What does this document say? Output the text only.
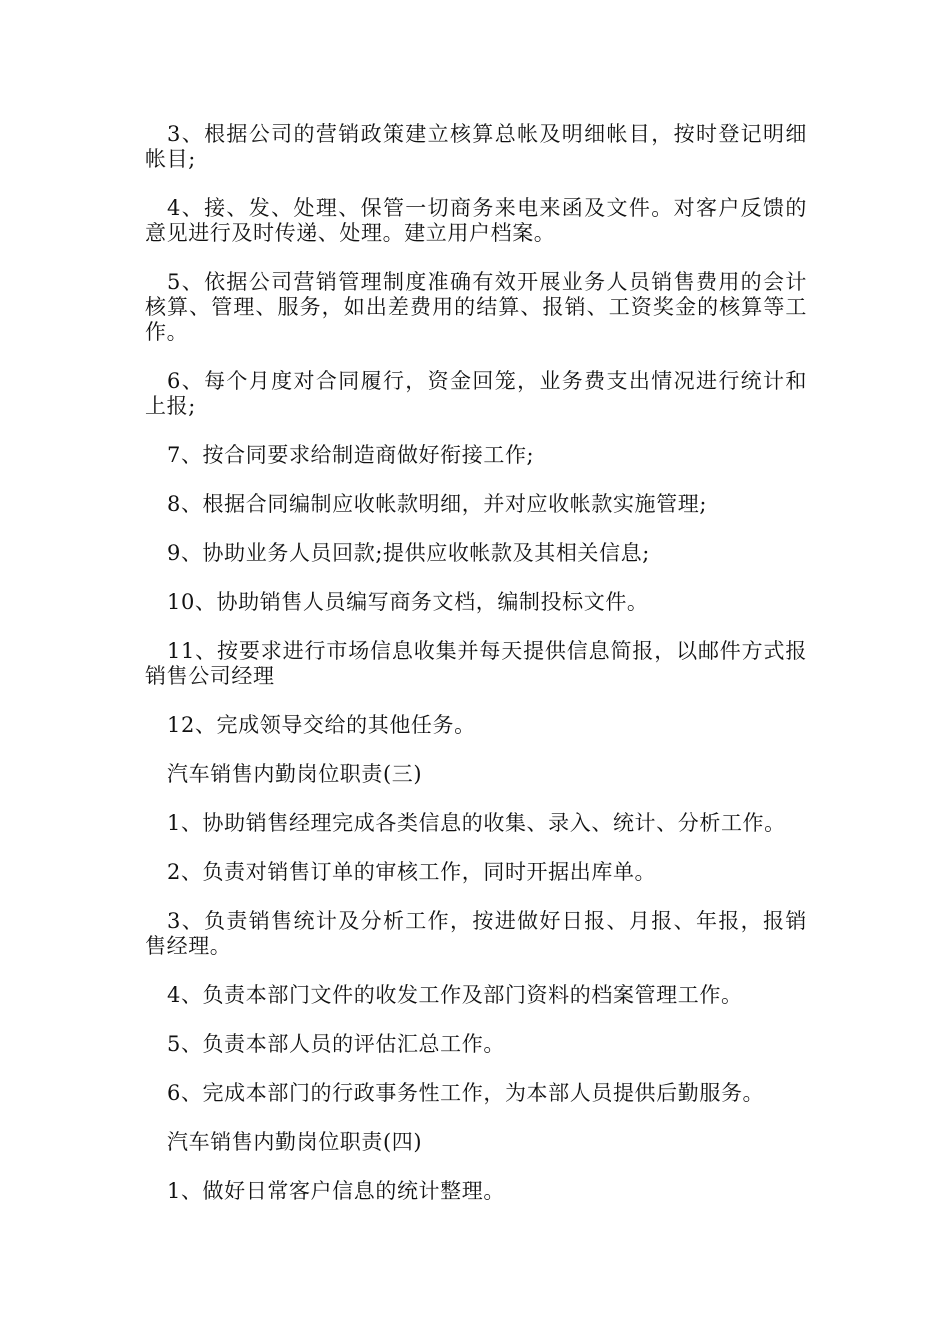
3、根据公司的营销政策建立核算总帐及明细帐目，按时登记明细帐目;

4、接、发、处理、保管一切商务来电来函及文件。对客户反馈的意见进行及时传递、处理。建立用户档案。

5、依据公司营销管理制度准确有效开展业务人员销售费用的会计核算、管理、服务，如出差费用的结算、报销、工资奖金的核算等工作。

6、每个月度对合同履行，资金回笼，业务费支出情况进行统计和上报;

7、按合同要求给制造商做好衔接工作;

8、根据合同编制应收帐款明细，并对应收帐款实施管理;

9、协助业务人员回款;提供应收帐款及其相关信息;

10、协助销售人员编写商务文档，编制投标文件。

11、按要求进行市场信息收集并每天提供信息简报，以邮件方式报销售公司经理

12、完成领导交给的其他任务。

汽车销售内勤岗位职责(三)

1、协助销售经理完成各类信息的收集、录入、统计、分析工作。

2、负责对销售订单的审核工作，同时开据出库单。

3、负责销售统计及分析工作，按进做好日报、月报、年报，报销售经理。

4、负责本部门文件的收发工作及部门资料的档案管理工作。

5、负责本部人员的评估汇总工作。

6、完成本部门的行政事务性工作，为本部人员提供后勤服务。

汽车销售内勤岗位职责(四)

1、做好日常客户信息的统计整理。
